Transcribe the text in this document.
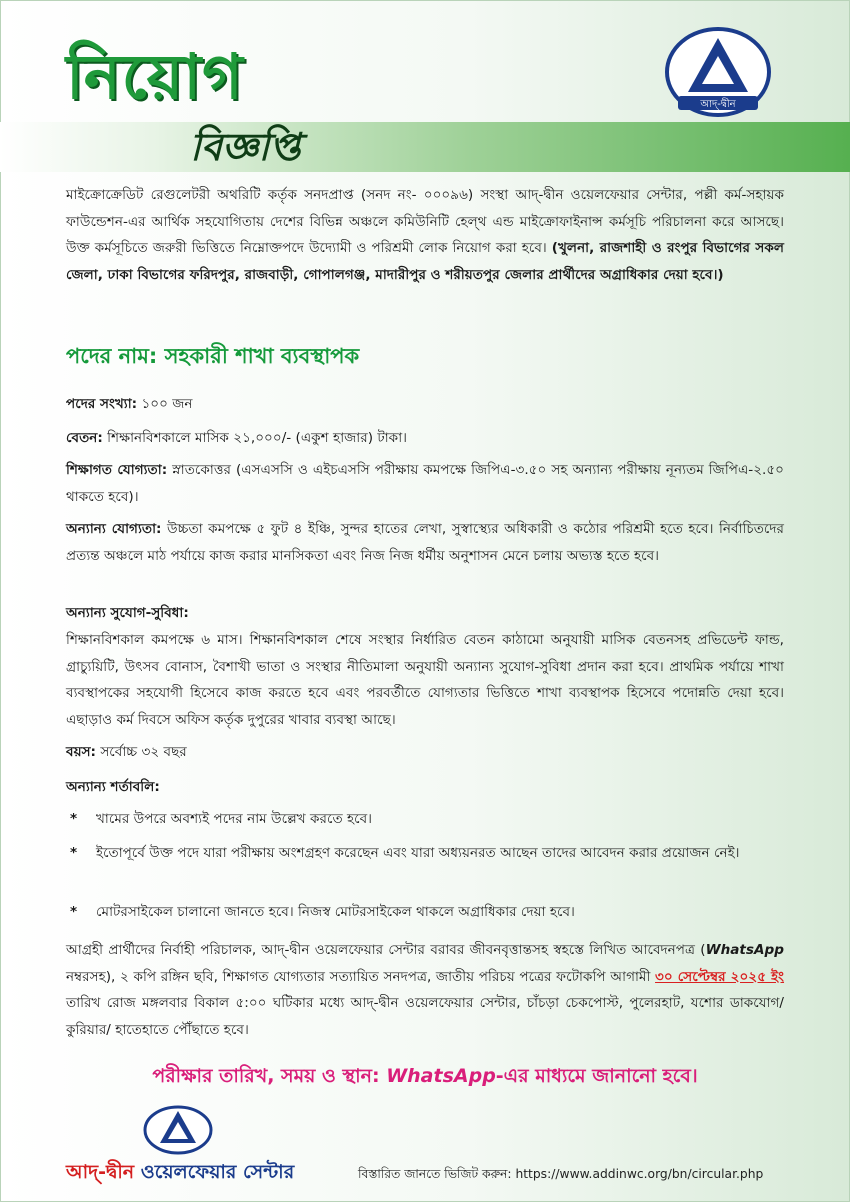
নিয়োগ
বিজ্ঞপ্তি
আদ্-দ্বীন
মাইক্রোক্রেডিট রেগুলেটরী অথরিটি কর্তৃক সনদপ্রাপ্ত (সনদ নং- ০০০৯৬) সংস্থা আদ্-দ্বীন ওয়েলফেয়ার সেন্টার, পল্লী কর্ম-সহায়ক ফাউন্ডেশন-এর আর্থিক সহযোগিতায় দেশের বিভিন্ন অঞ্চলে কমিউনিটি হেল্থ এন্ড মাইক্রোফাইনান্স কর্মসূচি পরিচালনা করে আসছে। উক্ত কর্মসূচিতে জরুরী ভিত্তিতে নিম্নোক্তপদে উদ্যোমী ও পরিশ্রমী লোক নিয়োগ করা হবে। (খুলনা, রাজশাহী ও রংপুর বিভাগের সকল জেলা, ঢাকা বিভাগের ফরিদপুর, রাজবাড়ী, গোপালগঞ্জ, মাদারীপুর ও শরীয়তপুর জেলার প্রার্থীদের অগ্রাধিকার দেয়া হবে।)
পদের নাম: সহকারী শাখা ব্যবস্থাপক
পদের সংখ্যা: ১০০ জন
বেতন: শিক্ষানবিশকালে মাসিক ২১,০০০/- (একুশ হাজার) টাকা।
শিক্ষাগত যোগ্যতা: স্নাতকোত্তর (এসএসসি ও এইচএসসি পরীক্ষায় কমপক্ষে জিপিএ-৩.৫০ সহ অন্যান্য পরীক্ষায় নূন্যতম জিপিএ-২.৫০ থাকতে হবে)।
অন্যান্য যোগ্যতা: উচ্চতা কমপক্ষে ৫ ফুট ৪ ইঞ্চি, সুন্দর হাতের লেখা, সুস্বাস্থ্যের অধিকারী ও কঠোর পরিশ্রমী হতে হবে। নির্বাচিতদের প্রত্যন্ত অঞ্চলে মাঠ পর্যায়ে কাজ করার মানসিকতা এবং নিজ নিজ ধর্মীয় অনুশাসন মেনে চলায় অভ্যস্ত হতে হবে।
অন্যান্য সুযোগ-সুবিধা:
শিক্ষানবিশকাল কমপক্ষে ৬ মাস। শিক্ষানবিশকাল শেষে সংস্থার নির্ধারিত বেতন কাঠামো অনুযায়ী মাসিক বেতনসহ প্রভিডেন্ট ফান্ড, গ্রাচ্যুয়িটি, উৎসব বোনাস, বৈশাখী ভাতা ও সংস্থার নীতিমালা অনুযায়ী অন্যান্য সুযোগ-সুবিধা প্রদান করা হবে। প্রাথমিক পর্যায়ে শাখা ব্যবস্থাপকের সহযোগী হিসেবে কাজ করতে হবে এবং পরবর্তীতে যোগ্যতার ভিত্তিতে শাখা ব্যবস্থাপক হিসেবে পদোন্নতি দেয়া হবে। এছাড়াও কর্ম দিবসে অফিস কর্তৃক দুপুরের খাবার ব্যবস্থা আছে।
বয়স: সর্বোচ্চ ৩২ বছর
অন্যান্য শর্তাবলি:
* খামের উপরে অবশ্যই পদের নাম উল্লেখ করতে হবে।
* ইতোপূর্বে উক্ত পদে যারা পরীক্ষায় অংশগ্রহণ করেছেন এবং যারা অধ্যয়নরত আছেন তাদের আবেদন করার প্রয়োজন নেই।
* মোটরসাইকেল চালানো জানতে হবে। নিজস্ব মোটরসাইকেল থাকলে অগ্রাধিকার দেয়া হবে।
আগ্রহী প্রার্থীদের নির্বাহী পরিচালক, আদ্-দ্বীন ওয়েলফেয়ার সেন্টার বরাবর জীবনবৃত্তান্তসহ স্বহস্তে লিখিত আবেদনপত্র (WhatsApp নম্বরসহ), ২ কপি রঙ্গিন ছবি, শিক্ষাগত যোগ্যতার সত্যায়িত সনদপত্র, জাতীয় পরিচয় পত্রের ফটোকপি আগামী ৩০ সেপ্টেম্বর ২০২৫ ইং তারিখ রোজ মঙ্গলবার বিকাল ৫:০০ ঘটিকার মধ্যে আদ্-দ্বীন ওয়েলফেয়ার সেন্টার, চাঁচড়া চেকপোস্ট, পুলেরহাট, যশোর ডাকযোগ/কুরিয়ার/ হাতেহাতে পৌঁছাতে হবে।
পরীক্ষার তারিখ, সময় ও স্থান: WhatsApp-এর মাধ্যমে জানানো হবে।
আদ্-দ্বীন ওয়েলফেয়ার সেন্টার	বিস্তারিত জানতে ভিজিট করুন: https://www.addinwc.org/bn/circular.php
